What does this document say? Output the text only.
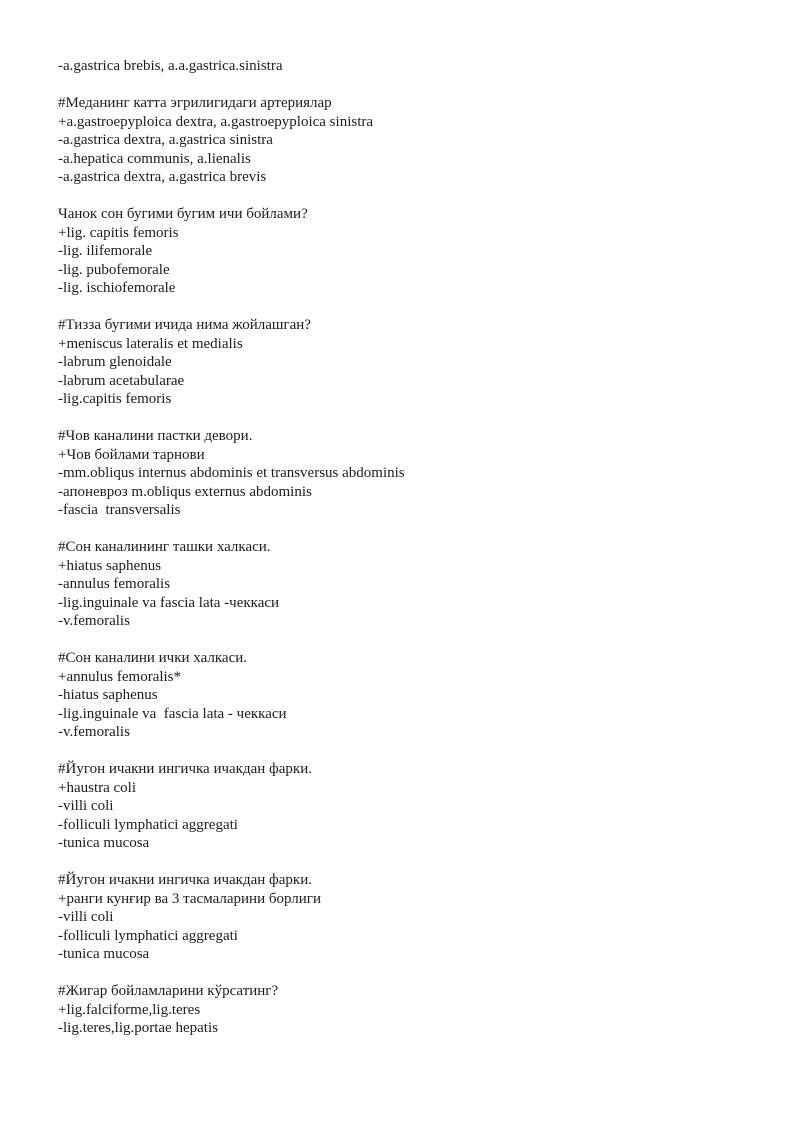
-a.gastrica brebis, a.a.gastrica.sinistra
#Меданинг катта эгрилигидаги артериялар
+a.gastroepyploica dextra, a.gastroepyploica sinistra
-a.gastrica dextra, a.gastrica sinistra
-a.hepatica communis, a.lienalis
-a.gastrica dextra, a.gastrica brevis
Чанок сон бугими бугим ичи бойлами?
+lig. capitis femoris
-lig. ilifemorale
-lig. pubofemorale
-lig. ischiofemorale
#Тизза бугими ичида нима жойлашган?
+meniscus lateralis et medialis
-labrum glenoidale
-labrum acetabularae
-lig.capitis femoris
#Чов каналини пастки девори.
+Чов бойлами тарнови
-mm.obliqus internus abdominis et transversus abdominis
-апоневроз m.obliqus externus abdominis
-fascia  transversalis
#Сон каналининг ташки халкаси.
+hiatus saphenus
-annulus femoralis
-lig.inguinale va fascia lata -чеккаси
-v.femoralis
#Сон каналини ички халкаси.
+annulus femoralis*
-hiatus saphenus
-lig.inguinale va  fascia lata - чеккаси
-v.femoralis
#Йугон ичакни ингичка ичакдан фарки.
+haustra coli
-villi coli
-folliculi lymphatici aggregati
-tunica mucosa
#Йугон ичакни ингичка ичакдан фарки.
+ранги кунғир ва 3 тасмаларини борлиги
-villi coli
-folliculi lymphatici aggregati
-tunica mucosa
#Жигар бойламларини кўрсатинг?
+lig.falciforme,lig.teres
-lig.teres,lig.portae hepatis
